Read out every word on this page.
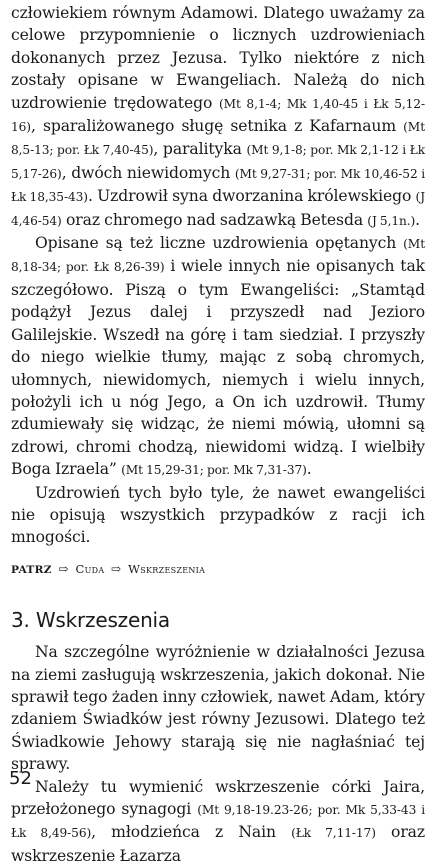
człowiekiem równym Adamowi. Dlatego uważamy za celowe przypomnienie o licznych uzdrowieniach dokonanych przez Jezusa. Tylko niektóre z nich zostały opisane w Ewangeliach. Należą do nich uzdrowienie trędowatego (Mt 8,1-4; Mk 1,40-45 i Łk 5,12-16), sparaliżowanego sługę setnika z Kafarnaum (Mt 8,5-13; por. Łk 7,40-45), paralityka (Mt 9,1-8; por. Mk 2,1-12 i Łk 5,17-26), dwóch niewidomych (Mt 9,27-31; por. Mk 10,46-52 i Łk 18,35-43). Uzdrowił syna dworzanina królewskiego (J 4,46-54) oraz chromego nad sadzawką Betesda (J 5,1n.).

Opisane są też liczne uzdrowienia opętanych (Mt 8,18-34; por. Łk 8,26-39) i wiele innych nie opisanych tak szczegółowo. Piszą o tym Ewangeliści: „Stamtąd podążył Jezus dalej i przyszedł nad Jezioro Galilejskie. Wszedł na górę i tam siedział. I przyszły do niego wielkie tłumy, mając z sobą chromych, ułomnych, niewidomych, niemych i wielu innych, położyli ich u nóg Jego, a On ich uzdrowił. Tłumy zdumiewały się widząc, że niemi mówią, ułomni są zdrowi, chromi chodzą, niewidomi widzą. I wielbiły Boga Izraela” (Mt 15,29-31; por. Mk 7,31-37).

Uzdrowień tych było tyle, że nawet ewangeliści nie opisują wszystkich przypadków z racji ich mnogości.

PATRZ ⇨ Cuda ⇨ Wskrzeszenia
3. Wskrzeszenia

Na szczególne wyróżnienie w działalności Jezusa na ziemi zasługują wskrzeszenia, jakich dokonał. Nie sprawił tego żaden inny człowiek, nawet Adam, który zdaniem Świadków jest równy Jezusowi. Dlatego też Świadkowie Jehowy starają się nie nagłaśniać tej sprawy.

Należy tu wymienić wskrzeszenie córki Jaira, przełożonego synagogi (Mt 9,18-19.23-26; por. Mk 5,33-43 i Łk 8,49-56), młodzieńca z Nain (Łk 7,11-17) oraz wskrzeszenie Łazarza

52
